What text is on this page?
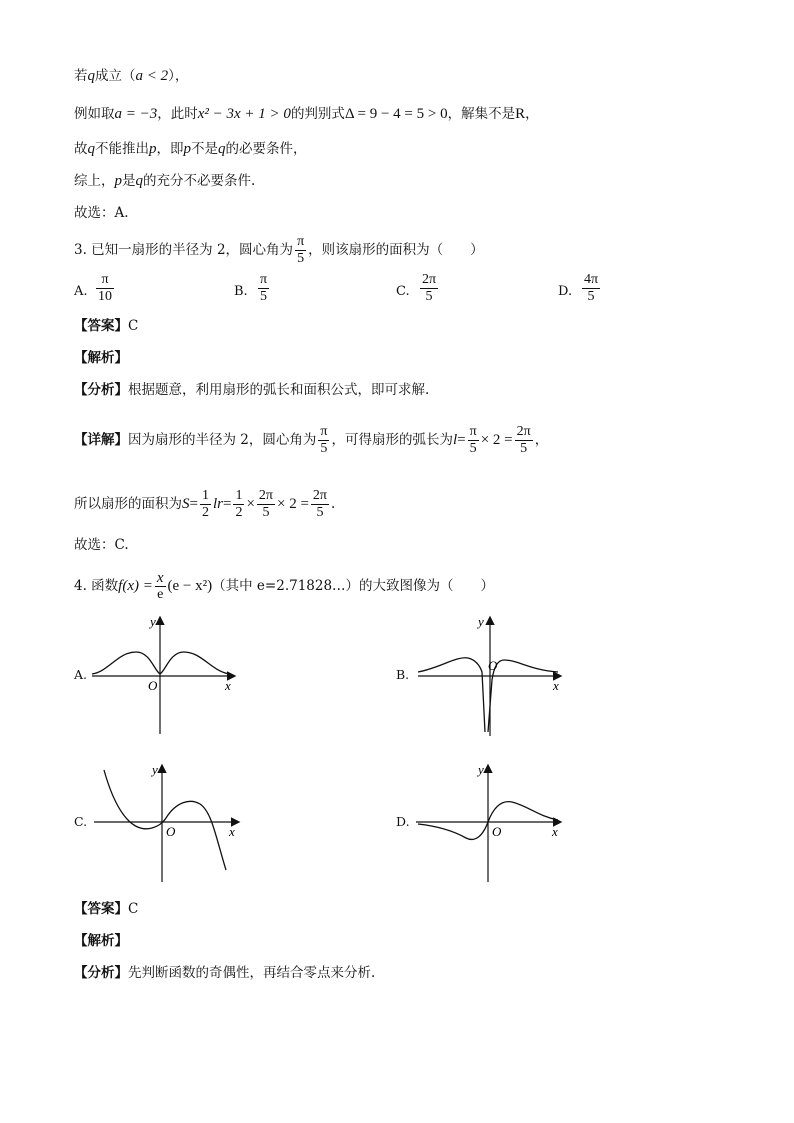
若q成立（a < 2），
例如取a = −3，此时x² − 3x + 1 > 0的判别式Δ = 9 − 4 = 5 > 0，解集不是R，
故q不能推出p，即p不是q的必要条件，
综上，p是q的充分不必要条件.
故选：A.
3. 已知一扇形的半径为 2，圆心角为 $\frac{\pi}{5}$ ，则该扇形的面积为（　　）
A. $\frac{\pi}{10}$	B. $\frac{\pi}{5}$	C. $\frac{2\pi}{5}$	D. $\frac{4\pi}{5}$
【答案】C
【解析】
【分析】根据题意，利用扇形的弧长和面积公式，即可求解.
【详解】因为扇形的半径为 2，圆心角为 $\frac{\pi}{5}$ ，可得扇形的弧长为$l= \frac{\pi}{5} \times 2 = \frac{2\pi}{5}$ ，
所以扇形的面积为$S= \frac{1}{2} lr= \frac{1}{2} \times \frac{2\pi}{5} \times 2 = \frac{2\pi}{5}$ .
故选：C.
4. 函数$f(x) = \frac{x}{e} (e - x^2)$（其中 e=2.71828…）的大致图像为（　　）
A.
O	x
y
B.
O
x
y
C.
O	x
y
D.
O	x
y
【答案】C
【解析】
【分析】先判断函数的奇偶性，再结合零点来分析.
